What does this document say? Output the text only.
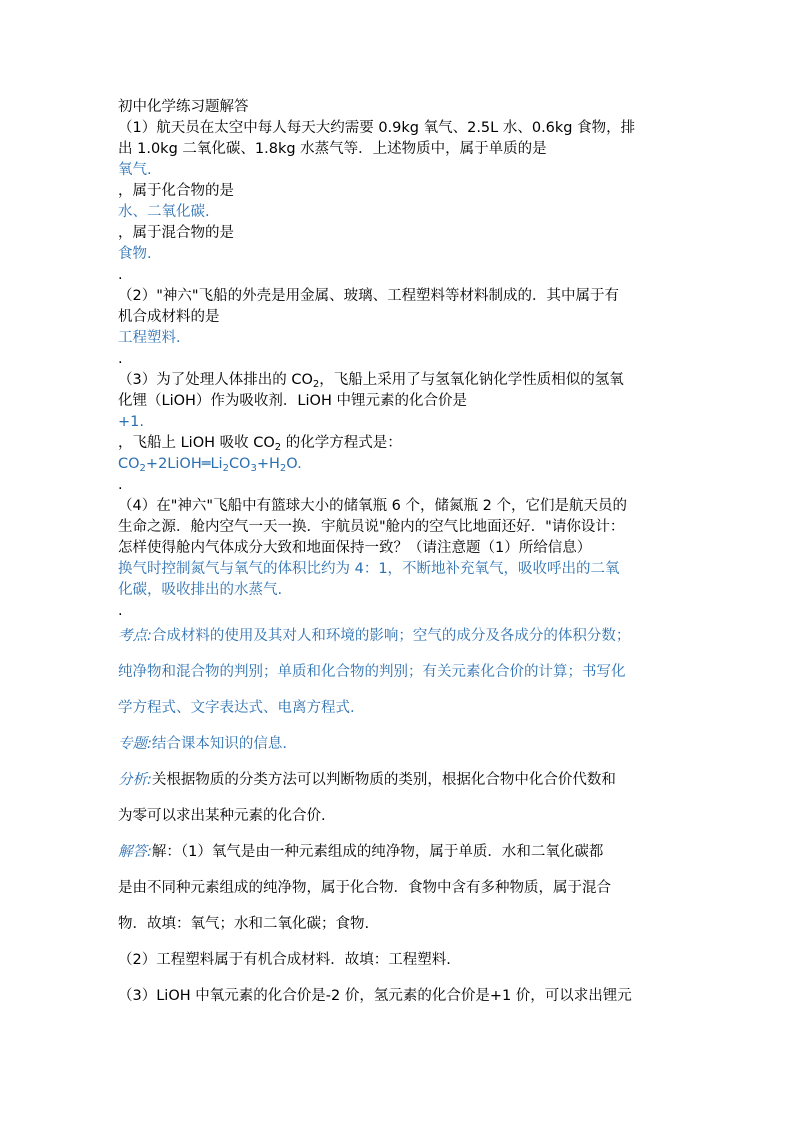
初中化学练习题解答

（1）航天员在太空中每人每天大约需要 0.9kg 氧气、2.5L 水、0.6kg 食物，排

出 1.0kg 二氧化碳、1.8kg 水蒸气等．上述物质中，属于单质的是

氧气.

，属于化合物的是

水、二氧化碳.

，属于混合物的是

食物.

.

（2）"神六"飞船的外壳是用金属、玻璃、工程塑料等材料制成的．其中属于有

机合成材料的是

工程塑料.

.

（3）为了处理人体排出的 $CO_2$，飞船上采用了与氢氧化钠化学性质相似的氢氧

化锂（LiOH）作为吸收剂．LiOH 中锂元素的化合价是

+1.

，飞船上 LiOH 吸收 $CO_2$ 的化学方程式是：

$CO_2+2LiOH═Li_2CO_3+H_2O$.

.

（4）在"神六"飞船中有篮球大小的储氧瓶 6 个，储氮瓶 2 个，它们是航天员的

生命之源．舱内空气一天一换．宇航员说"舱内的空气比地面还好．"请你设计：

怎样使得舱内气体成分大致和地面保持一致？（请注意题（1）所给信息）

换气时控制氮气与氧气的体积比约为 4：1，不断地补充氧气，吸收呼出的二氧

化碳，吸收排出的水蒸气.

.

考点:合成材料的使用及其对人和环境的影响；空气的成分及各成分的体积分数；

纯净物和混合物的判别；单质和化合物的判别；有关元素化合价的计算；书写化

学方程式、文字表达式、电离方程式.

专题:结合课本知识的信息.

分析:关根据物质的分类方法可以判断物质的类别，根据化合物中化合价代数和

为零可以求出某种元素的化合价.

解答:解：（1）氧气是由一种元素组成的纯净物，属于单质．水和二氧化碳都

是由不同种元素组成的纯净物，属于化合物．食物中含有多种物质，属于混合

物．故填：氧气；水和二氧化碳；食物.

（2）工程塑料属于有机合成材料．故填：工程塑料.

（3）LiOH 中氧元素的化合价是-2 价，氢元素的化合价是+1 价，可以求出锂元
